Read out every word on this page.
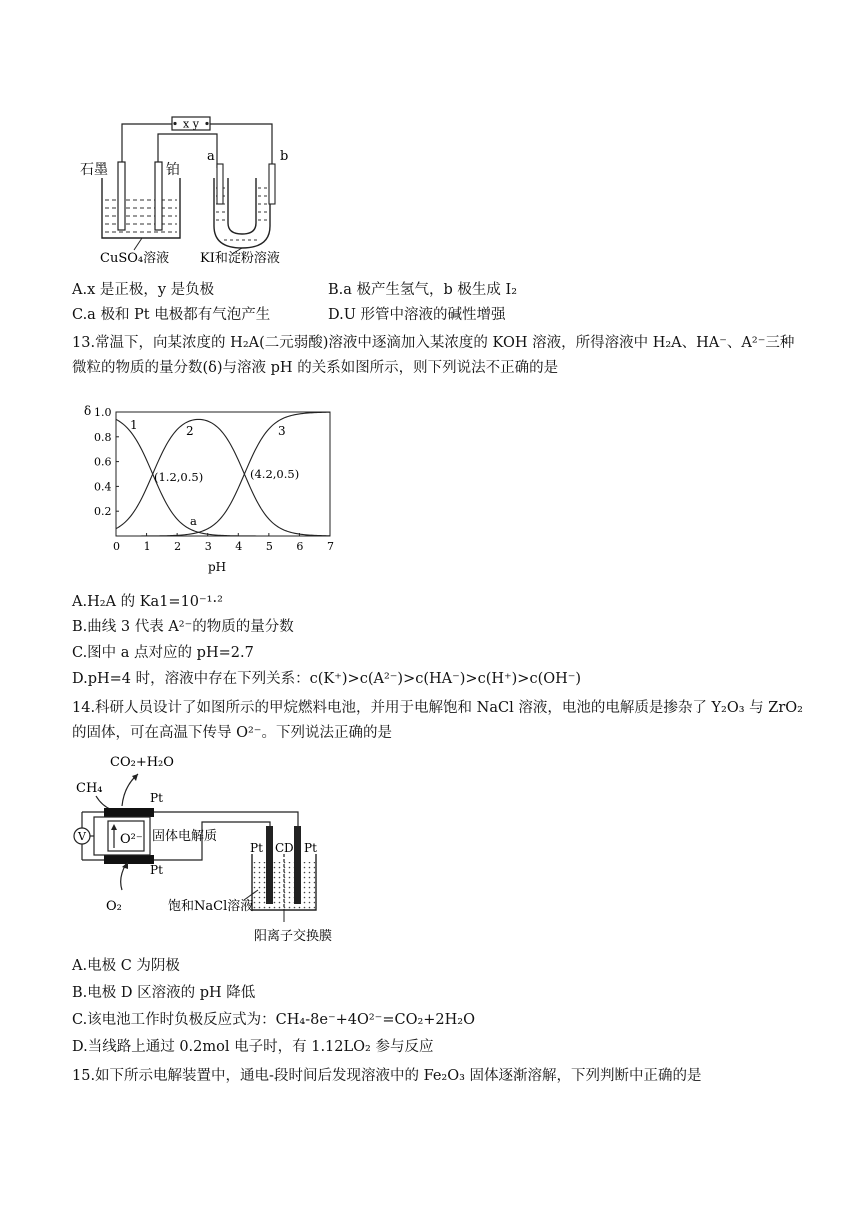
x y
石墨	铂
a	b
CuSO₄溶液 KI和淀粉溶液
A.x 是正极，y 是负极	B.a 极产生氢气，b 极生成 I₂
C.a 极和 Pt 电极都有气泡产生	D.U 形管中溶液的碱性增强
13.常温下，向某浓度的 H₂A(二元弱酸)溶液中逐滴加入某浓度的 KOH 溶液，所得溶液中 H₂A、HA⁻、A²⁻三种
微粒的物质的量分数(δ)与溶液 pH 的关系如图所示，则下列说法不正确的是
δ
pH
0 1 2 3 4 5 6 7
1.0
0.8
0.6
0.4
0.2
1	2	3
(1.2,0.5)	(4.2,0.5)
a
A.H₂A 的 Ka1=10⁻¹·²
B.曲线 3 代表 A²⁻的物质的量分数
C.图中 a 点对应的 pH=2.7
D.pH=4 时，溶液中存在下列关系：c(K⁺)>c(A²⁻)>c(HA⁻)>c(H⁺)>c(OH⁻)
14.科研人员设计了如图所示的甲烷燃料电池，并用于电解饱和 NaCl 溶液，电池的电解质是掺杂了 Y₂O₃ 与 ZrO₂
的固体，可在高温下传导 O²⁻。下列说法正确的是
CO₂+H₂O
CH₄
O²⁻
V
Pt
固体电解质
Pt
O₂
Pt C D Pt
饱和NaCl溶液
阳离子交换膜
A.电极 C 为阴极
B.电极 D 区溶液的 pH 降低
C.该电池工作时负极反应式为：CH₄-8e⁻+4O²⁻=CO₂+2H₂O
D.当线路上通过 0.2mol 电子时，有 1.12LO₂ 参与反应
15.如下所示电解装置中，通电-段时间后发现溶液中的 Fe₂O₃ 固体逐渐溶解，下列判断中正确的是
